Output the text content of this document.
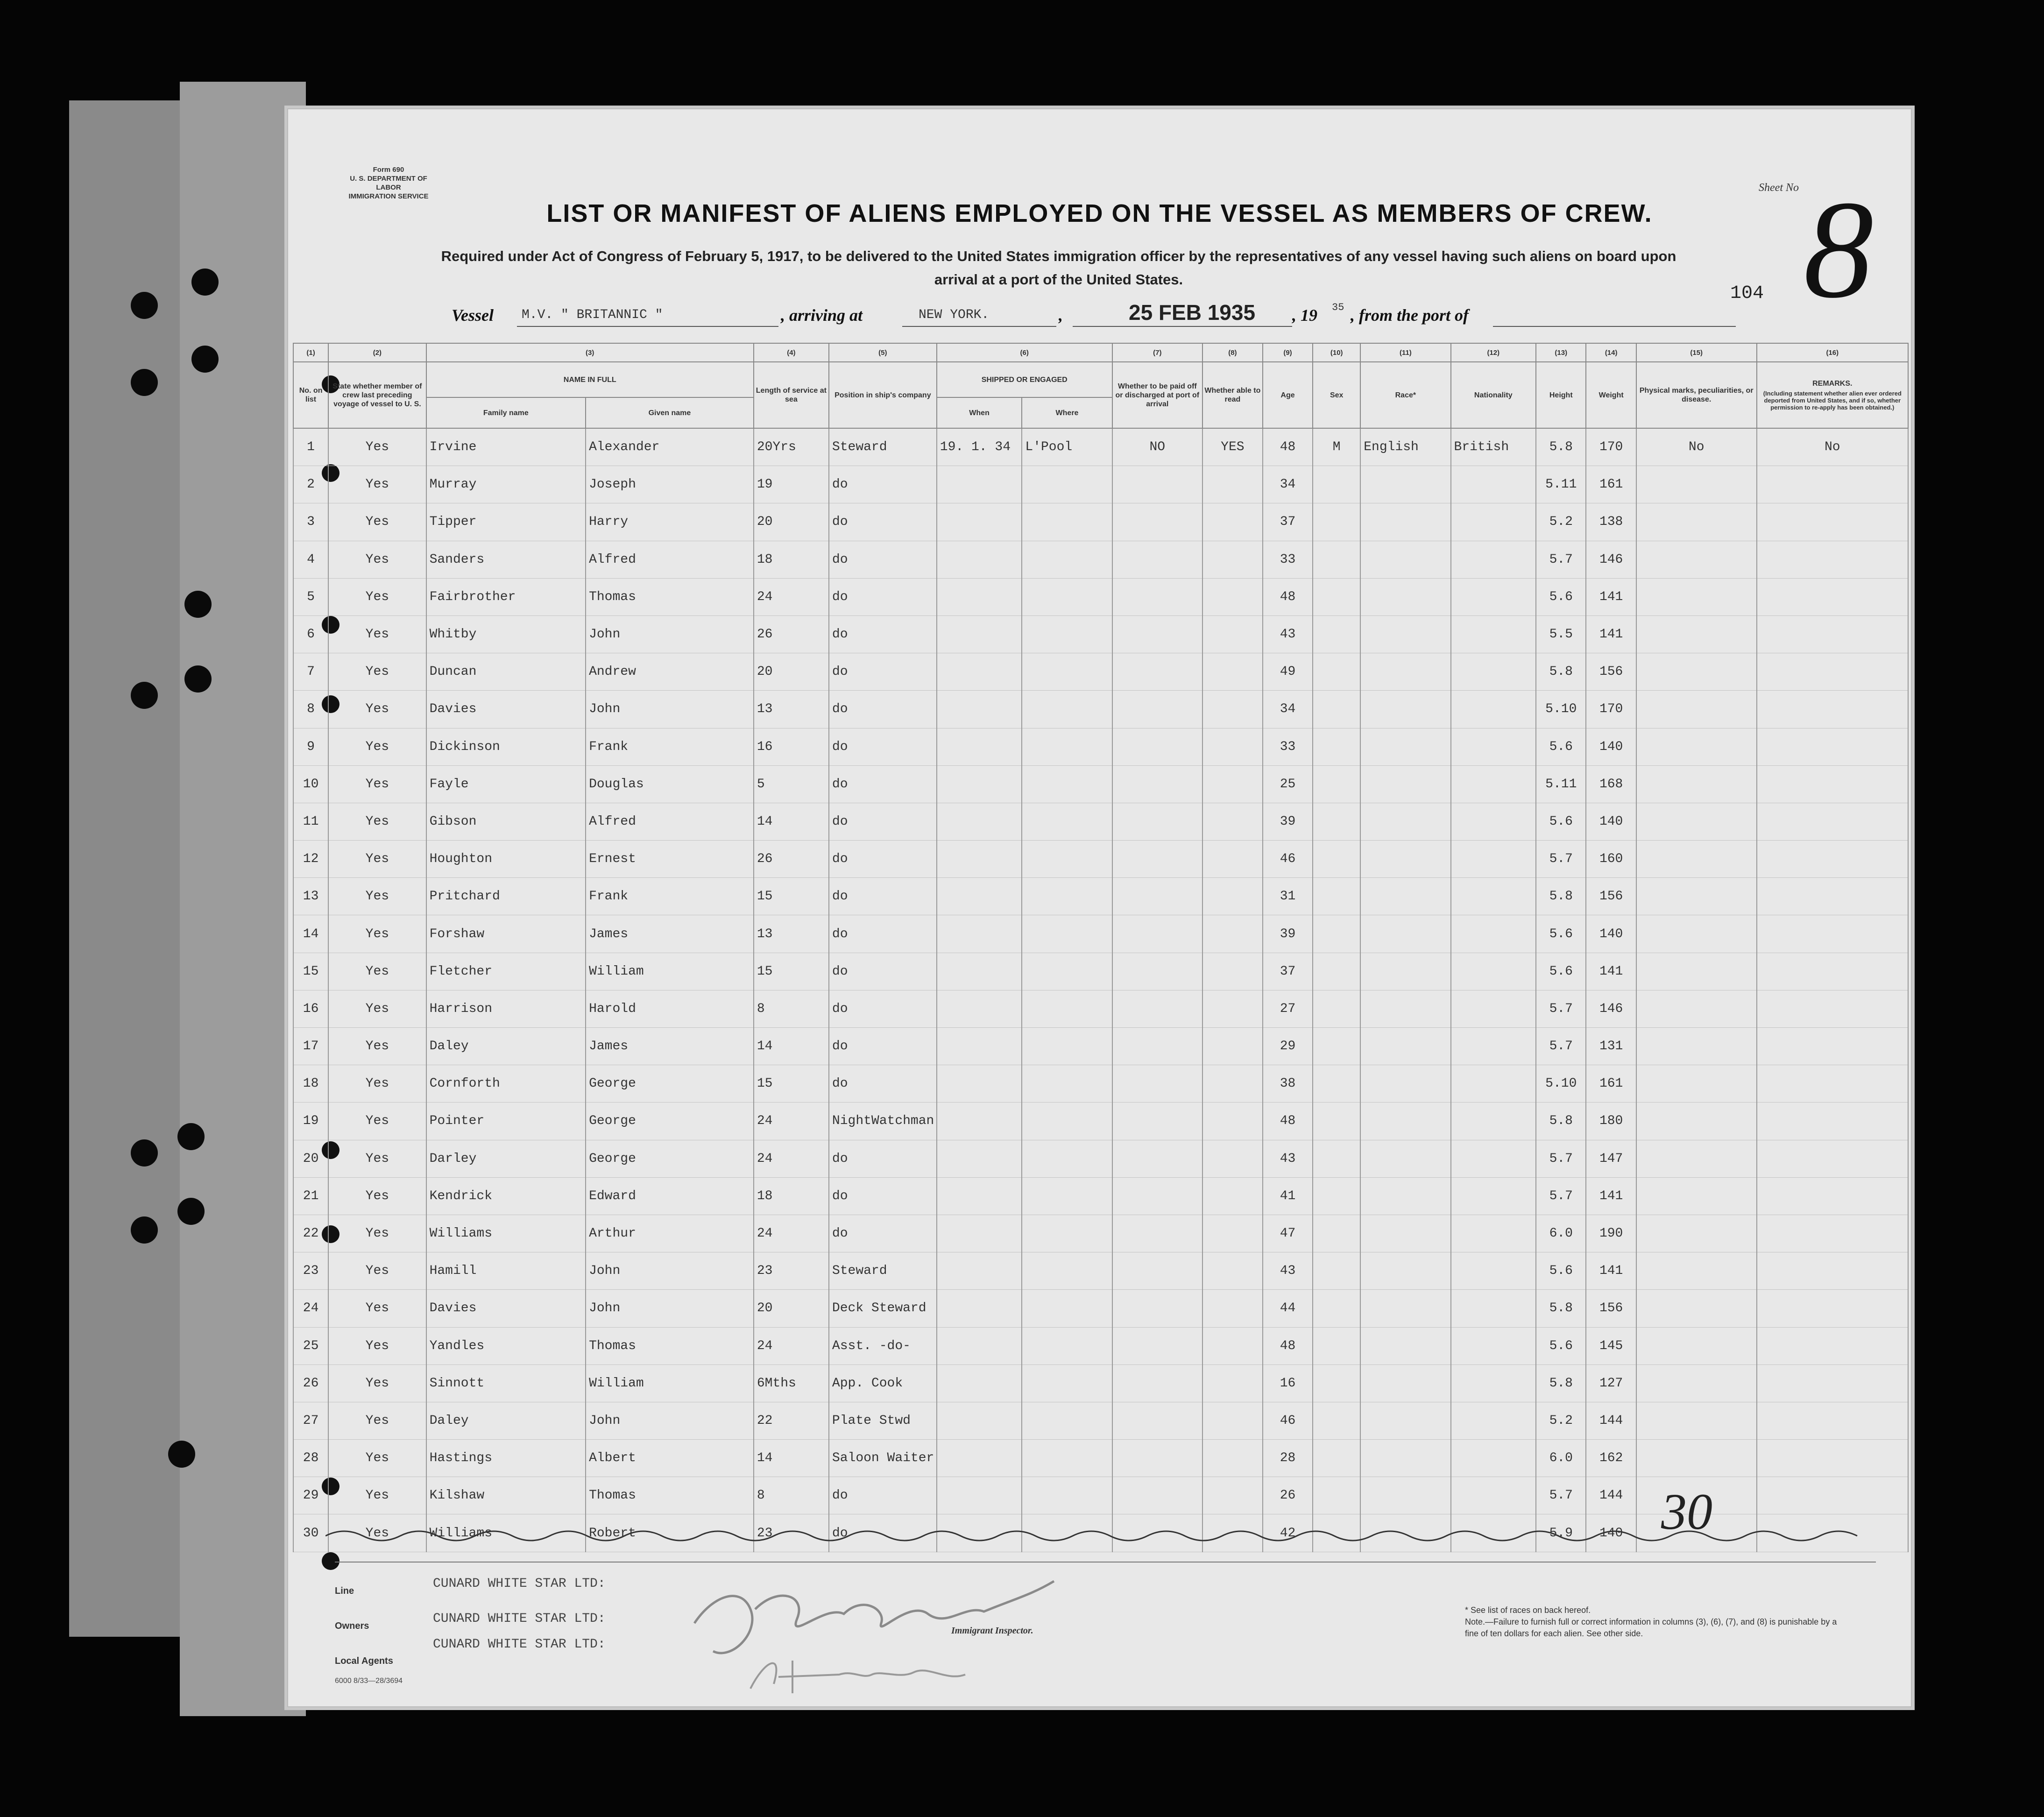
Form 690
U. S. DEPARTMENT OF LABOR
IMMIGRATION SERVICE
Sheet No 8
LIST OR MANIFEST OF ALIENS EMPLOYED ON THE VESSEL AS MEMBERS OF CREW.
Required under Act of Congress of February 5, 1917, to be delivered to the United States immigration officer by the representatives of any vessel having such aliens on board upon arrival at a port of the United States.
104
Vessel M.V. " BRITANNIC "	, arriving at	NEW YORK.	,	25 FEB 1935 , 19 35 , from the port of
(1)	(2)	(3)		(4)	(5)	(6)		(7)	(8)	(9)	(10)	(11)	(12)	(13)	(14)	(15)	(16)

No. on list	State whether member of crew last preceding voyage of vessel to U. S.	NAME IN FULL		Length of service at sea	Position in ship's company	SHIPPED OR ENGAGED		Whether to be paid off or discharged at port of arrival	Whether able to read	Age	Sex	Race*	Nationality	Height	Weight	Physical marks, peculiarities, or disease.	REMARKS.
(Including statement whether alien ever ordered deported from United States, and if so, whether permission to re-apply has been obtained.)

		Family name	Given name			When	Where										
1	Yes	Irvine	Alexander	20Yrs	Steward	19. 1. 34	L'Pool	NO	YES	48	M	English	British	5.8	170	No	No
2	Yes	Murray	Joseph	19	do					34				5.11	161		
3	Yes	Tipper	Harry	20	do					37				5.2	138		
4	Yes	Sanders	Alfred	18	do					33				5.7	146		
5	Yes	Fairbrother	Thomas	24	do					48				5.6	141		
6	Yes	Whitby	John	26	do					43				5.5	141		
7	Yes	Duncan	Andrew	20	do					49				5.8	156		
8	Yes	Davies	John	13	do					34				5.10	170		
9	Yes	Dickinson	Frank	16	do					33				5.6	140		
10	Yes	Fayle	Douglas	5	do					25				5.11	168		
11	Yes	Gibson	Alfred	14	do					39				5.6	140		
12	Yes	Houghton	Ernest	26	do					46				5.7	160		
13	Yes	Pritchard	Frank	15	do					31				5.8	156		
14	Yes	Forshaw	James	13	do					39				5.6	140		
15	Yes	Fletcher	William	15	do					37				5.6	141		
16	Yes	Harrison	Harold	8	do					27				5.7	146		
17	Yes	Daley	James	14	do					29				5.7	131		
18	Yes	Cornforth	George	15	do					38				5.10	161		
19	Yes	Pointer	George	24	NightWatchman					48				5.8	180		
20	Yes	Darley	George	24	do					43				5.7	147		
21	Yes	Kendrick	Edward	18	do					41				5.7	141		
22	Yes	Williams	Arthur	24	do					47				6.0	190		
23	Yes	Hamill	John	23	Steward					43				5.6	141		
24	Yes	Davies	John	20	Deck Steward					44				5.8	156		
25	Yes	Yandles	Thomas	24	Asst. -do-					48				5.6	145		
26	Yes	Sinnott	William	6Mths	App. Cook					16				5.8	127		
27	Yes	Daley	John	22	Plate Stwd					46				5.2	144		
28	Yes	Hastings	Albert	14	Saloon Waiter					28				6.0	162		
29	Yes	Kilshaw	Thomas	8	do					26				5.7	144		
30	Yes	Williams	Robert	23	do					42				5.9	140		30
Line	CUNARD WHITE STAR LTD:
Owners	CUNARD WHITE STAR LTD:
Local Agents
CUNARD WHITE STAR LTD:
6000 8/33—28/3694
Immigrant Inspector.
* See list of races on back hereof.
Note.—Failure to furnish full or correct information in columns (3), (6), (7), and (8) is punishable by a fine of ten dollars for each alien. See other side.
